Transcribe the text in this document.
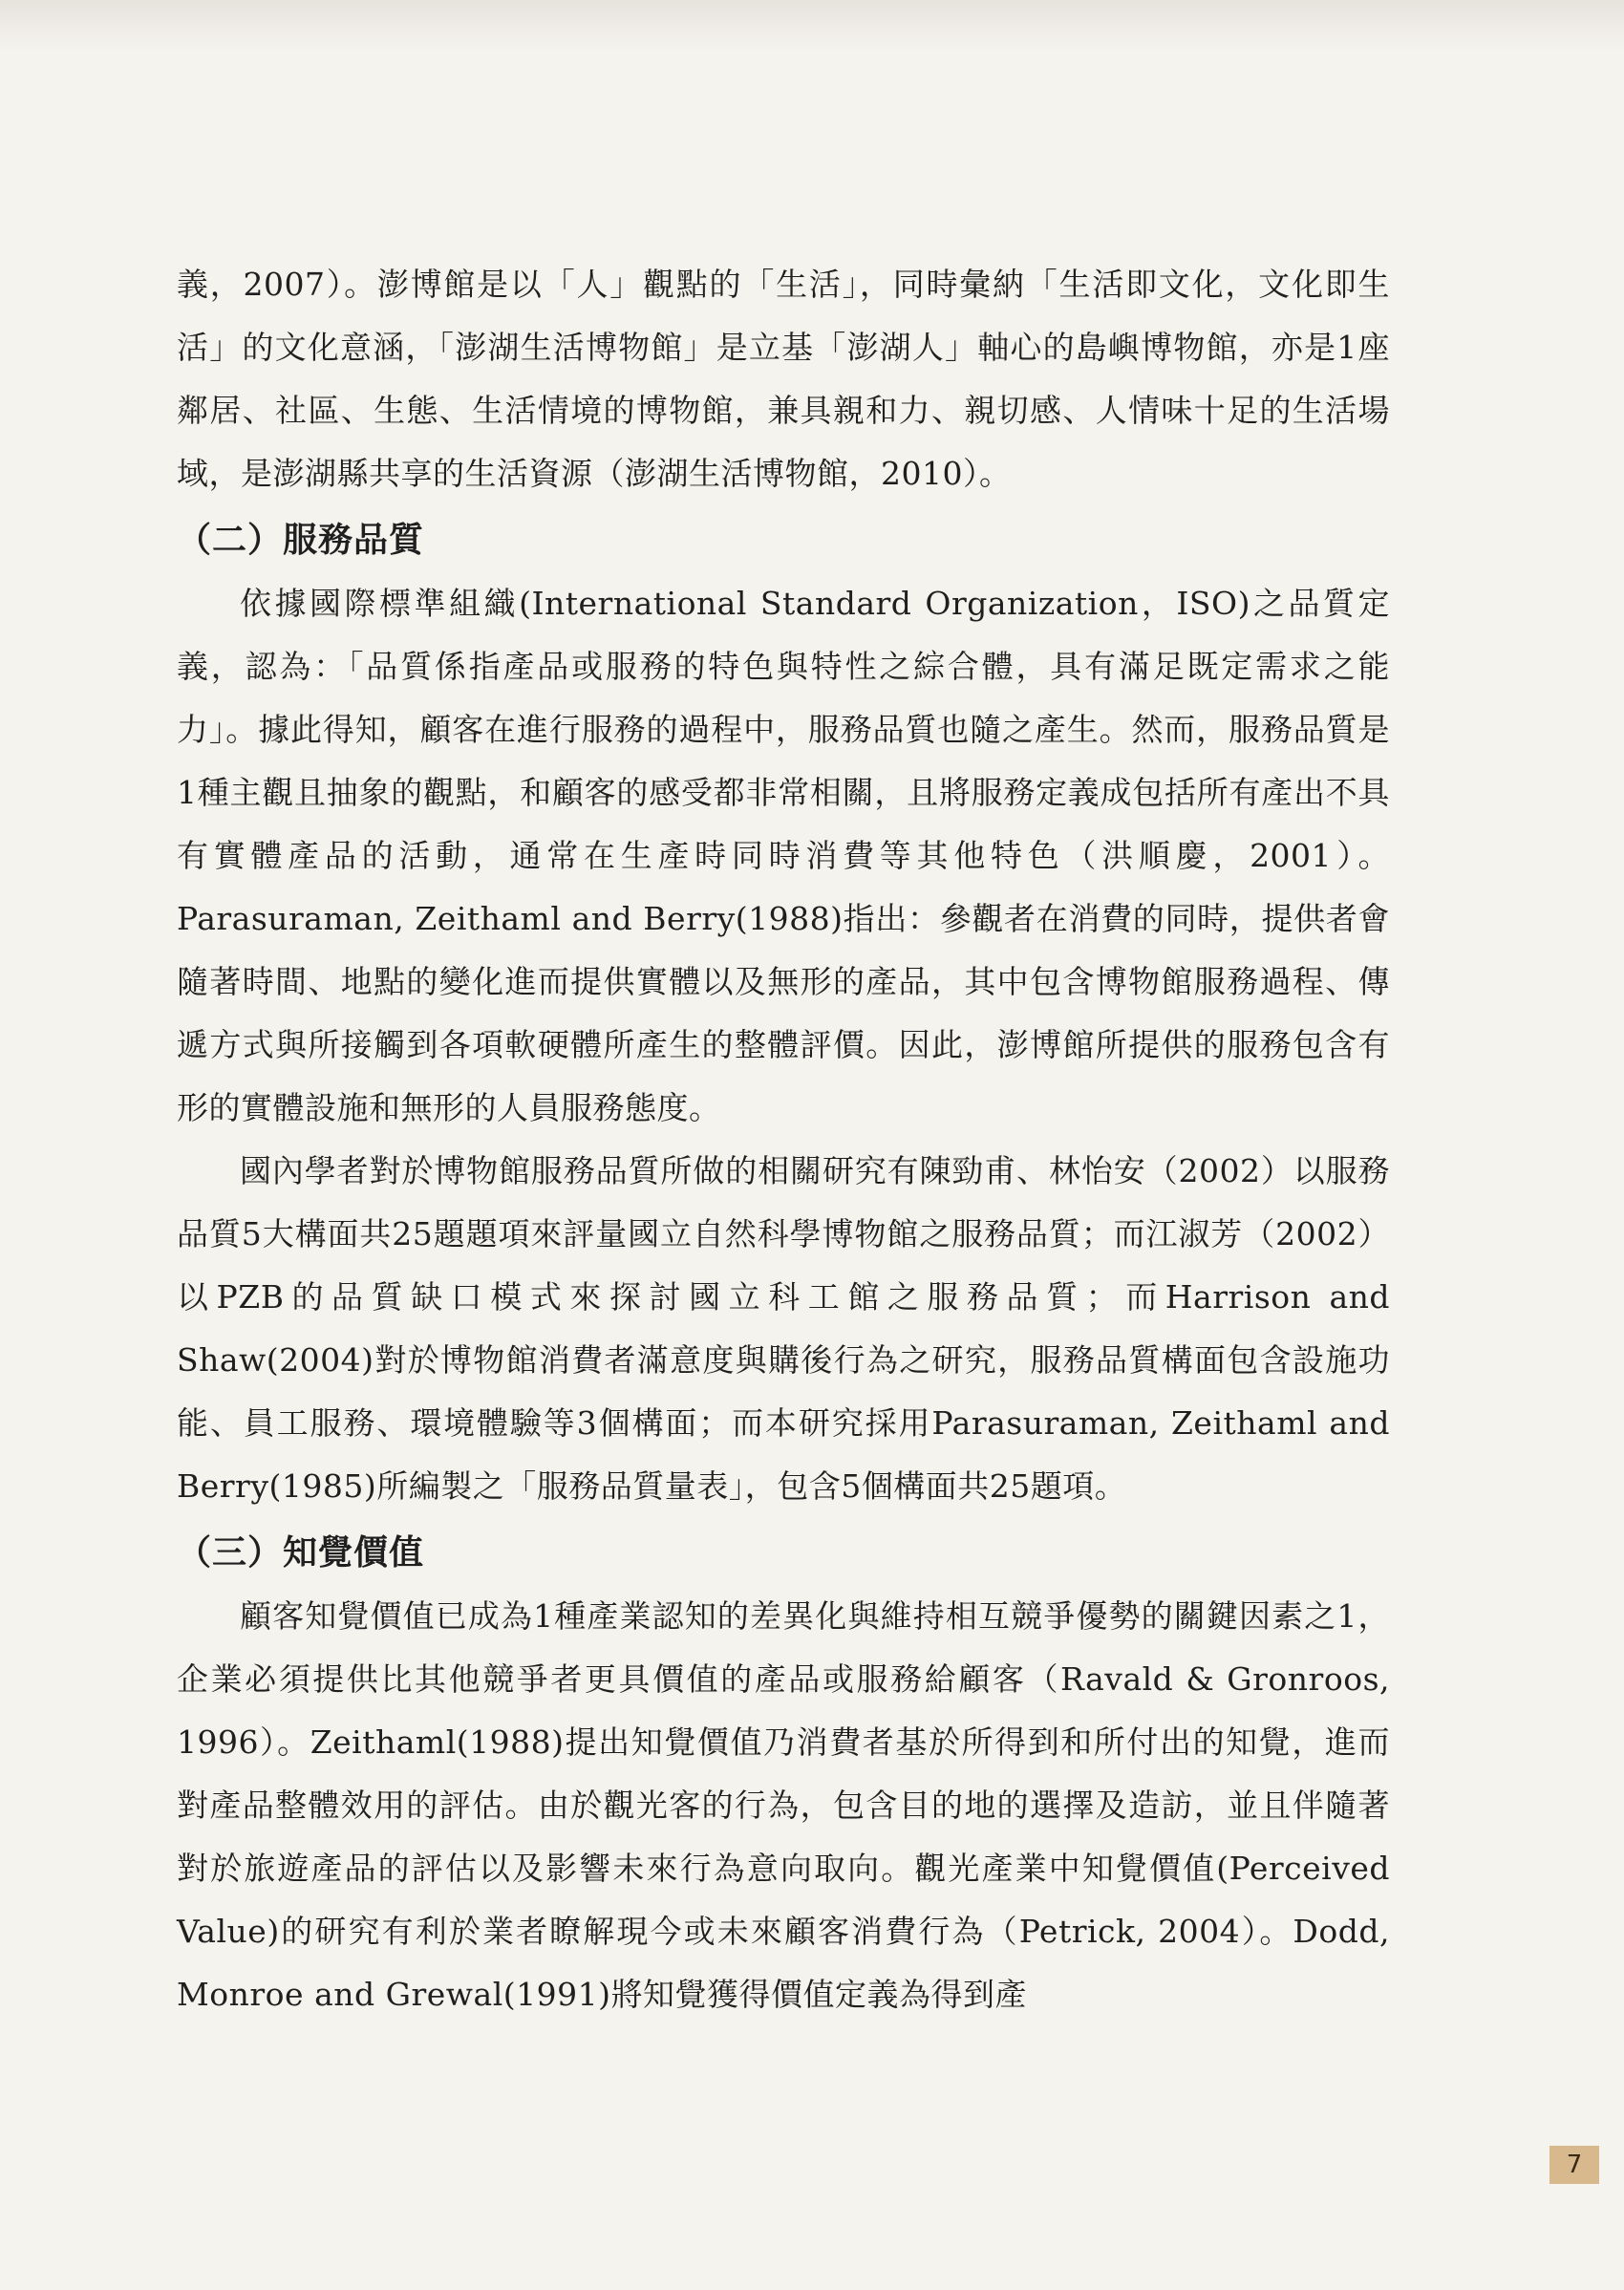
義，2007）。澎博館是以「人」觀點的「生活」，同時彙納「生活即文化，文化即生活」的文化意涵，「澎湖生活博物館」是立基「澎湖人」軸心的島嶼博物館，亦是1座鄰居、社區、生態、生活情境的博物館，兼具親和力、親切感、人情味十足的生活場域，是澎湖縣共享的生活資源（澎湖生活博物館，2010）。

（二）服務品質

依據國際標準組織(International Standard Organization，ISO)之品質定義，認為：「品質係指產品或服務的特色與特性之綜合體，具有滿足既定需求之能力」。據此得知，顧客在進行服務的過程中，服務品質也隨之產生。然而，服務品質是1種主觀且抽象的觀點，和顧客的感受都非常相關，且將服務定義成包括所有產出不具有實體產品的活動，通常在生產時同時消費等其他特色（洪順慶，2001）。Parasuraman, Zeithaml and Berry(1988)指出：參觀者在消費的同時，提供者會隨著時間、地點的變化進而提供實體以及無形的產品，其中包含博物館服務過程、傳遞方式與所接觸到各項軟硬體所產生的整體評價。因此，澎博館所提供的服務包含有形的實體設施和無形的人員服務態度。

國內學者對於博物館服務品質所做的相關研究有陳勁甫、林怡安（2002）以服務品質5大構面共25題題項來評量國立自然科學博物館之服務品質；而江淑芳（2002）以PZB的品質缺口模式來探討國立科工館之服務品質；而Harrison and Shaw(2004)對於博物館消費者滿意度與購後行為之研究，服務品質構面包含設施功能、員工服務、環境體驗等3個構面；而本研究採用Parasuraman, Zeithaml and Berry(1985)所編製之「服務品質量表」，包含5個構面共25題項。

（三）知覺價值

顧客知覺價值已成為1種產業認知的差異化與維持相互競爭優勢的關鍵因素之1，企業必須提供比其他競爭者更具價值的產品或服務給顧客（Ravald & Gronroos, 1996）。Zeithaml(1988)提出知覺價值乃消費者基於所得到和所付出的知覺，進而對產品整體效用的評估。由於觀光客的行為，包含目的地的選擇及造訪，並且伴隨著對於旅遊產品的評估以及影響未來行為意向取向。觀光產業中知覺價值(Perceived Value)的研究有利於業者瞭解現今或未來顧客消費行為（Petrick, 2004）。Dodd, Monroe and Grewal(1991)將知覺獲得價值定義為得到產

7
